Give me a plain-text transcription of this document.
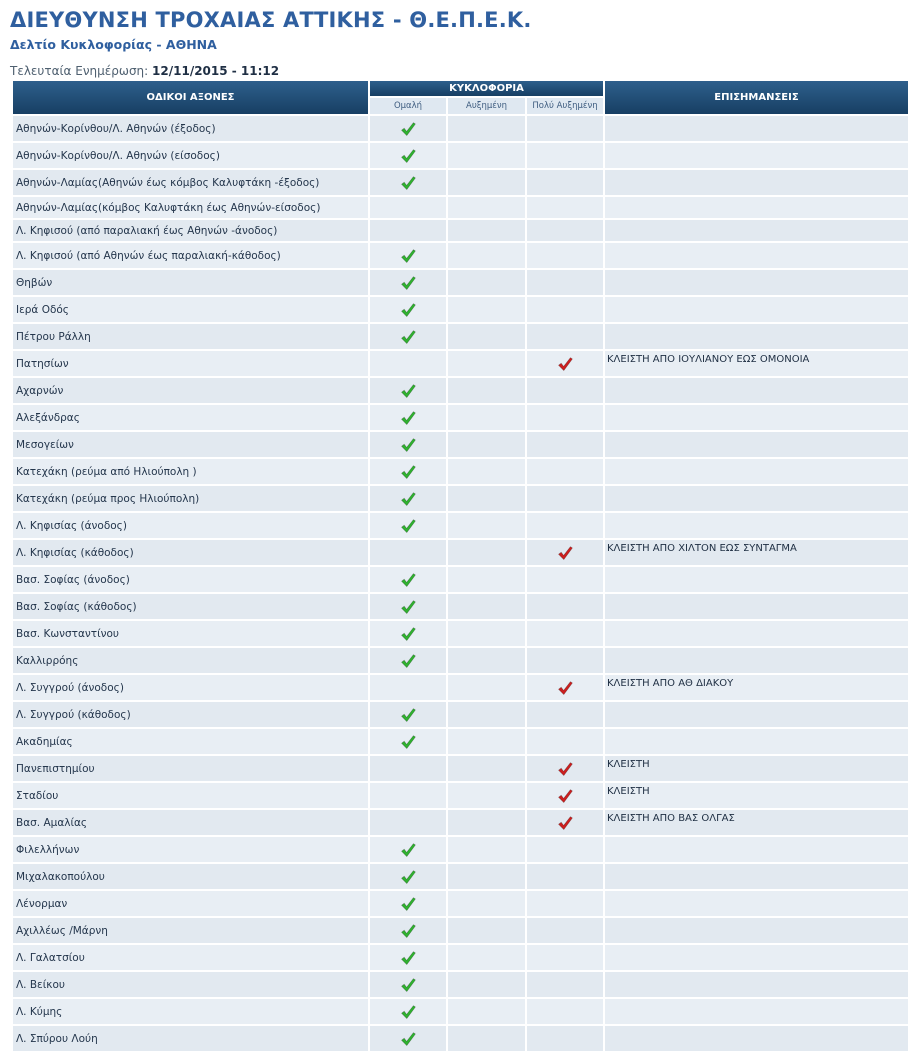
ΔΙΕΥΘΥΝΣΗ ΤΡΟΧΑΙΑΣ ΑΤΤΙΚΗΣ - Θ.Ε.Π.Ε.Κ.
Δελτίο Κυκλοφορίας - ΑΘΗΝΑ
Τελευταία Ενημέρωση: 12/11/2015 - 11:12
ΟΔΙΚΟΙ ΑΞΟΝΕΣ	ΚΥΚΛΟΦΟΡΙΑ			ΕΠΙΣΗΜΑΝΣΕΙΣ
	Ομαλή	Αυξημένη	Πολύ Αυξημένη	
Αθηνών-Κορίνθου/Λ. Αθηνών (έξοδος)				
Αθηνών-Κορίνθου/Λ. Αθηνών (είσοδος)				
Αθηνών-Λαμίας(Αθηνών έως κόμβος Καλυφτάκη -έξοδος)				
Αθηνών-Λαμίας(κόμβος Καλυφτάκη έως Αθηνών-είσοδος)				
Λ. Κηφισού (από παραλιακή έως Αθηνών -άνοδος)				
Λ. Κηφισού (από Αθηνών έως παραλιακή-κάθοδος)				
Θηβών				
Ιερά Οδός				
Πέτρου Ράλλη				
Πατησίων				ΚΛΕΙΣΤΗ ΑΠΟ ΙΟΥΛΙΑΝΟΥ ΕΩΣ ΟΜΟΝΟΙΑ
Αχαρνών				
Αλεξάνδρας				
Μεσογείων				
Κατεχάκη (ρεύμα από Ηλιούπολη )				
Κατεχάκη (ρεύμα προς Ηλιούπολη)				
Λ. Κηφισίας (άνοδος)				
Λ. Κηφισίας (κάθοδος)				ΚΛΕΙΣΤΗ ΑΠΟ ΧΙΛΤΟΝ ΕΩΣ ΣΥΝΤΑΓΜΑ
Βασ. Σοφίας (άνοδος)				
Βασ. Σοφίας (κάθοδος)				
Βασ. Κωνσταντίνου				
Καλλιρρόης				
Λ. Συγγρού (άνοδος)				ΚΛΕΙΣΤΗ ΑΠΟ ΑΘ ΔΙΑΚΟΥ
Λ. Συγγρού (κάθοδος)				
Ακαδημίας				
Πανεπιστημίου				ΚΛΕΙΣΤΗ
Σταδίου				ΚΛΕΙΣΤΗ
Βασ. Αμαλίας				ΚΛΕΙΣΤΗ ΑΠΟ ΒΑΣ ΟΛΓΑΣ
Φιλελλήνων				
Μιχαλακοπούλου				
Λένορμαν				
Αχιλλέως /Μάρνη				
Λ. Γαλατσίου				
Λ. Βείκου				
Λ. Κύμης				
Λ. Σπύρου Λούη				
